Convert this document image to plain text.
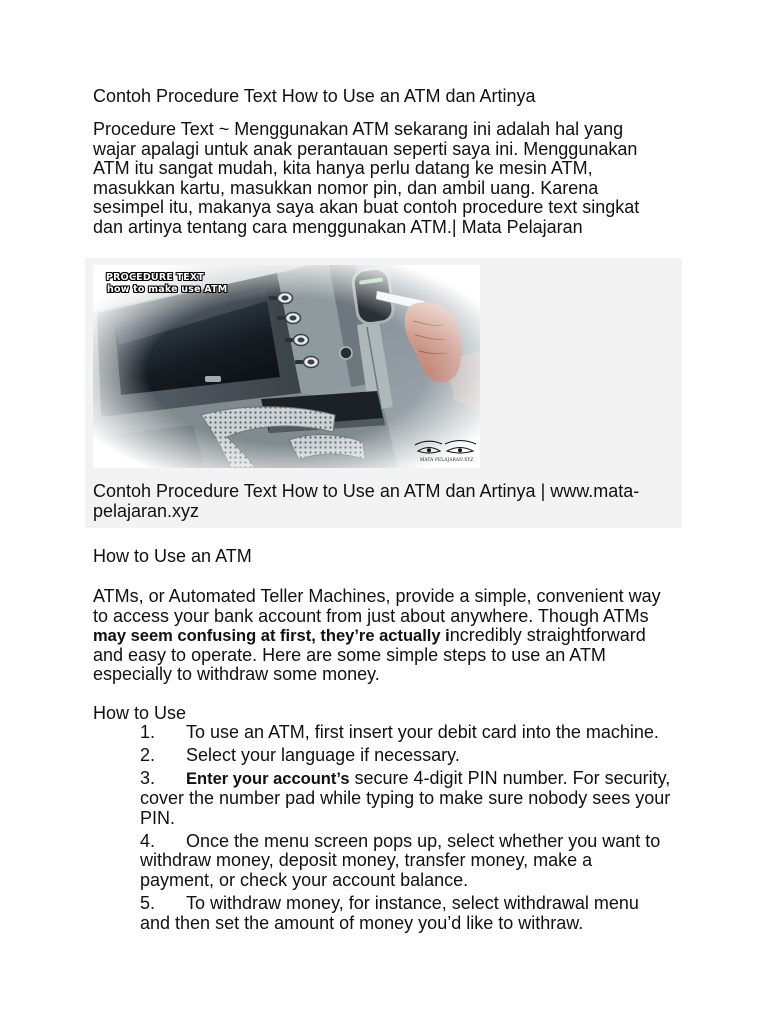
Contoh Procedure Text How to Use an ATM dan Artinya
Procedure Text ~ Menggunakan ATM sekarang ini adalah hal yang
wajar apalagi untuk anak perantauan seperti saya ini. Menggunakan
ATM itu sangat mudah, kita hanya perlu datang ke mesin ATM,
masukkan kartu, masukkan nomor pin, dan ambil uang. Karena
sesimpel itu, makanya saya akan buat contoh procedure text singkat
dan artinya tentang cara menggunakan ATM.| Mata Pelajaran
PROCEDURE TEXT
how to make use ATM
MATA PELAJARAN.XYZ
Contoh Procedure Text How to Use an ATM dan Artinya | www.mata-
pelajaran.xyz
How to Use an ATM
ATMs, or Automated Teller Machines, provide a simple, convenient way
to access your bank account from just about anywhere. Though ATMs
may seem confusing at first, they’re actually incredibly straightforward
and easy to operate. Here are some simple steps to use an ATM
especially to withdraw some money.
How to Use
1. To use an ATM, first insert your debit card into the machine.
2. Select your language if necessary.
3. Enter your account’s secure 4-digit PIN number. For security,
cover the number pad while typing to make sure nobody sees your
PIN.
4. Once the menu screen pops up, select whether you want to
withdraw money, deposit money, transfer money, make a
payment, or check your account balance.
5. To withdraw money, for instance, select withdrawal menu
and then set the amount of money you’d like to withraw.
